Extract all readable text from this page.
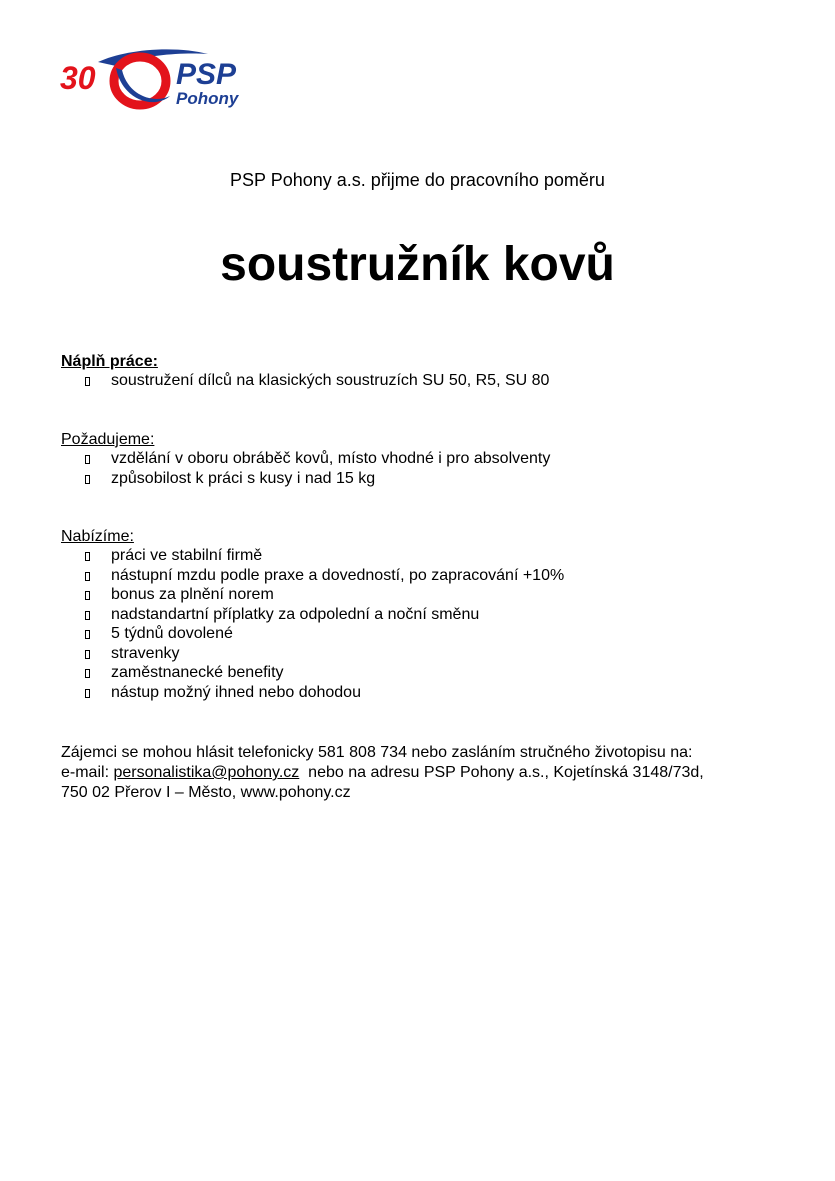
30	PSP
Pohony
PSP Pohony a.s. přijme do pracovního poměru
soustružník kovů

Náplň práce:

soustružení dílců na klasických soustruzích SU 50, R5, SU 80

Požadujeme:

vzdělání v oboru obráběč kovů, místo vhodné i pro absolventy
způsobilost k práci s kusy i nad 15 kg

Nabízíme:

práci ve stabilní firmě
nástupní mzdu podle praxe a dovedností, po zapracování +10%
bonus za plnění norem
nadstandartní příplatky za odpolední a noční směnu
5 týdnů dovolené
stravenky
zaměstnanecké benefity
nástup možný ihned nebo dohodou
Zájemci se mohou hlásit telefonicky 581 808 734 nebo zasláním stručného životopisu na:
e-mail: personalistika@pohony.cz  nebo na adresu PSP Pohony a.s., Kojetínská 3148/73d,
750 02 Přerov I – Město, www.pohony.cz
